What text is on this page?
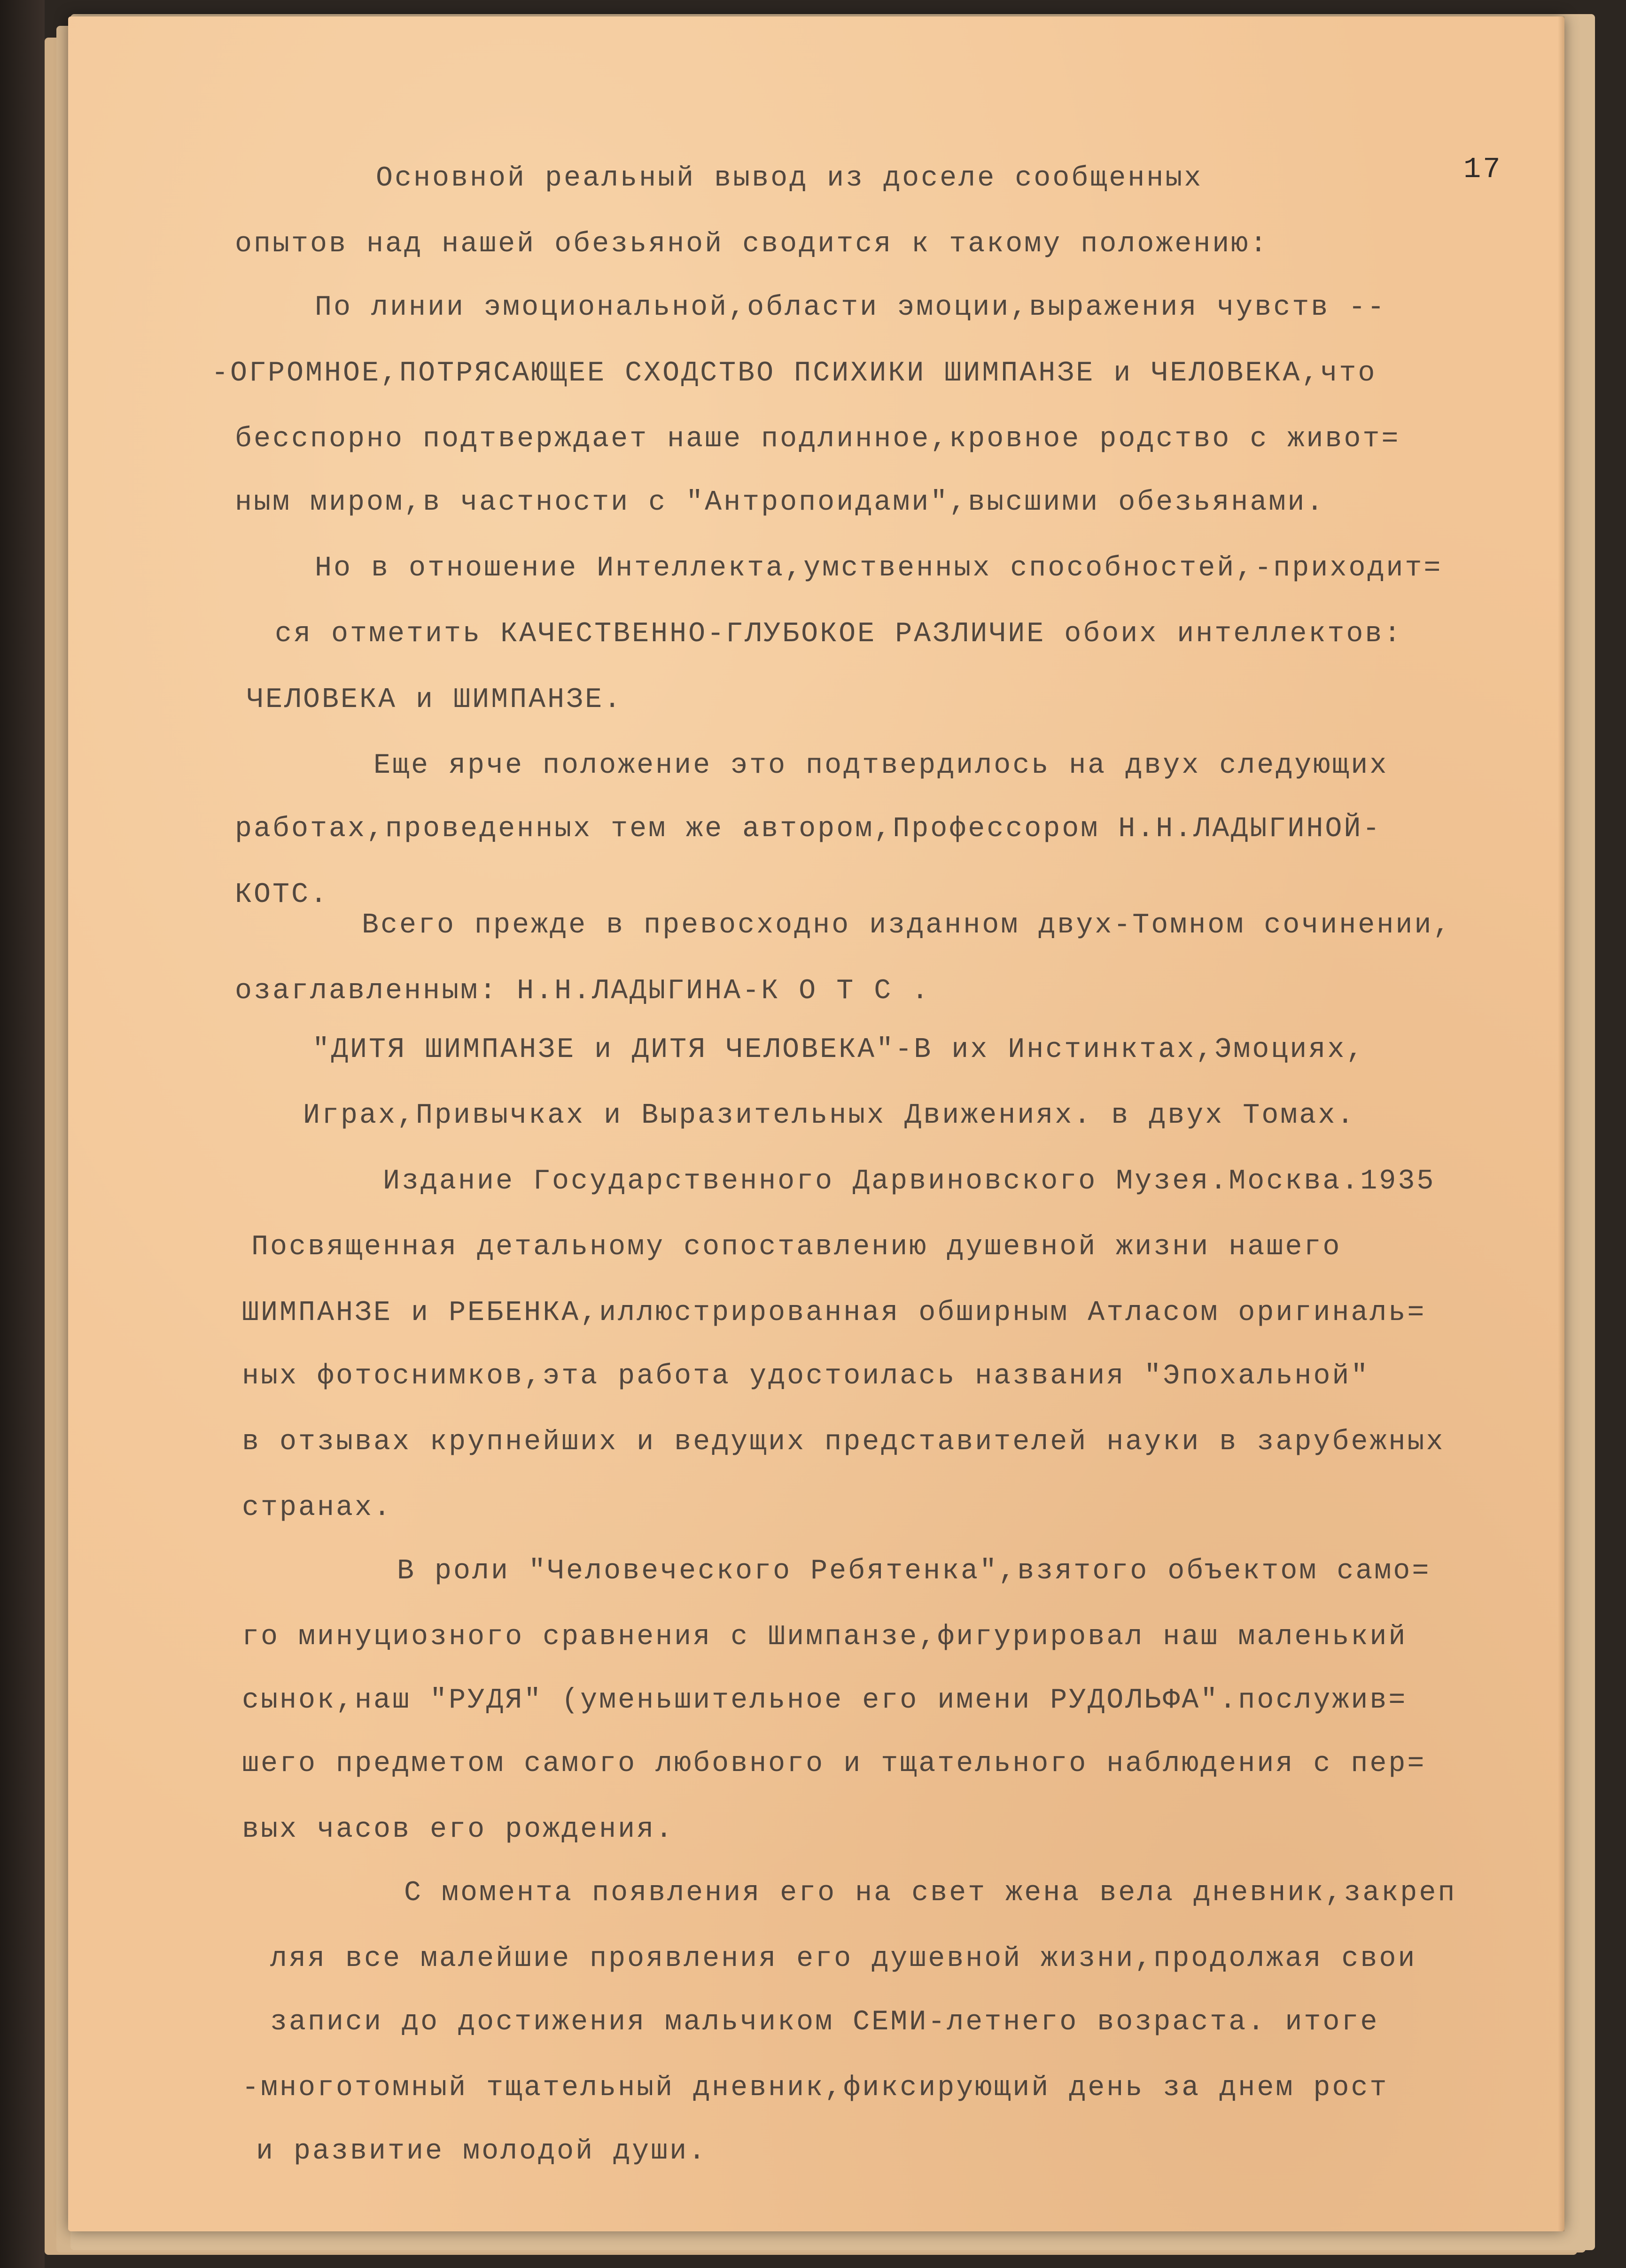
17
Основной реальный вывод из доселе сообщенных
опытов над нашей обезьяной сводится к такому положению:
По линии эмоциональной,области эмоции,выражения чувств --
-ОГРОМНОЕ,ПОТРЯСАЮЩЕЕ СХОДСТВО ПСИХИКИ ШИМПАНЗЕ и ЧЕЛОВЕКА,что
бесспорно подтверждает наше подлинное,кровное родство с живот=
ным миром,в частности с "Антропоидами",высшими обезьянами.
Но в отношение Интеллекта,умственных способностей,-приходит=
ся отметить КАЧЕСТВЕННО-ГЛУБОКОЕ РАЗЛИЧИЕ обоих интеллектов:
ЧЕЛОВЕКА и ШИМПАНЗЕ.
Еще ярче положение это подтвердилось на двух следующих
работах,проведенных тем же автором,Профессором Н.Н.ЛАДЫГИНОЙ-
КОТС.
Всего прежде в превосходно изданном двух-Томном сочинении,
озаглавленным: Н.Н.ЛАДЫГИНА-К О Т С .
"ДИТЯ ШИМПАНЗЕ и ДИТЯ ЧЕЛОВЕКА"-В их Инстинктах,Эмоциях,
Играх,Привычках и Выразительных Движениях. в двух Томах.
Издание Государственного Дарвиновского Музея.Москва.1935
Посвященная детальному сопоставлению душевной жизни нашего
ШИМПАНЗЕ и РЕБЕНКА,иллюстрированная обширным Атласом оригиналь=
ных фотоснимков,эта работа удостоилась названия "Эпохальной"
в отзывах крупнейших и ведущих представителей науки в зарубежных
странах.
В роли "Человеческого Ребятенка",взятого объектом само=
го минуциозного сравнения с Шимпанзе,фигурировал наш маленький
сынок,наш "РУДЯ" (уменьшительное его имени РУДОЛЬФА".послужив=
шего предметом самого любовного и тщательного наблюдения с пер=
вых часов его рождения.
С момента появления его на свет жена вела дневник,закреп
ляя все малейшие проявления его душевной жизни,продолжая свои
записи до достижения мальчиком СЕМИ-летнего возраста. итоге
-многотомный тщательный дневник,фиксирующий день за днем рост
и развитие молодой души.
